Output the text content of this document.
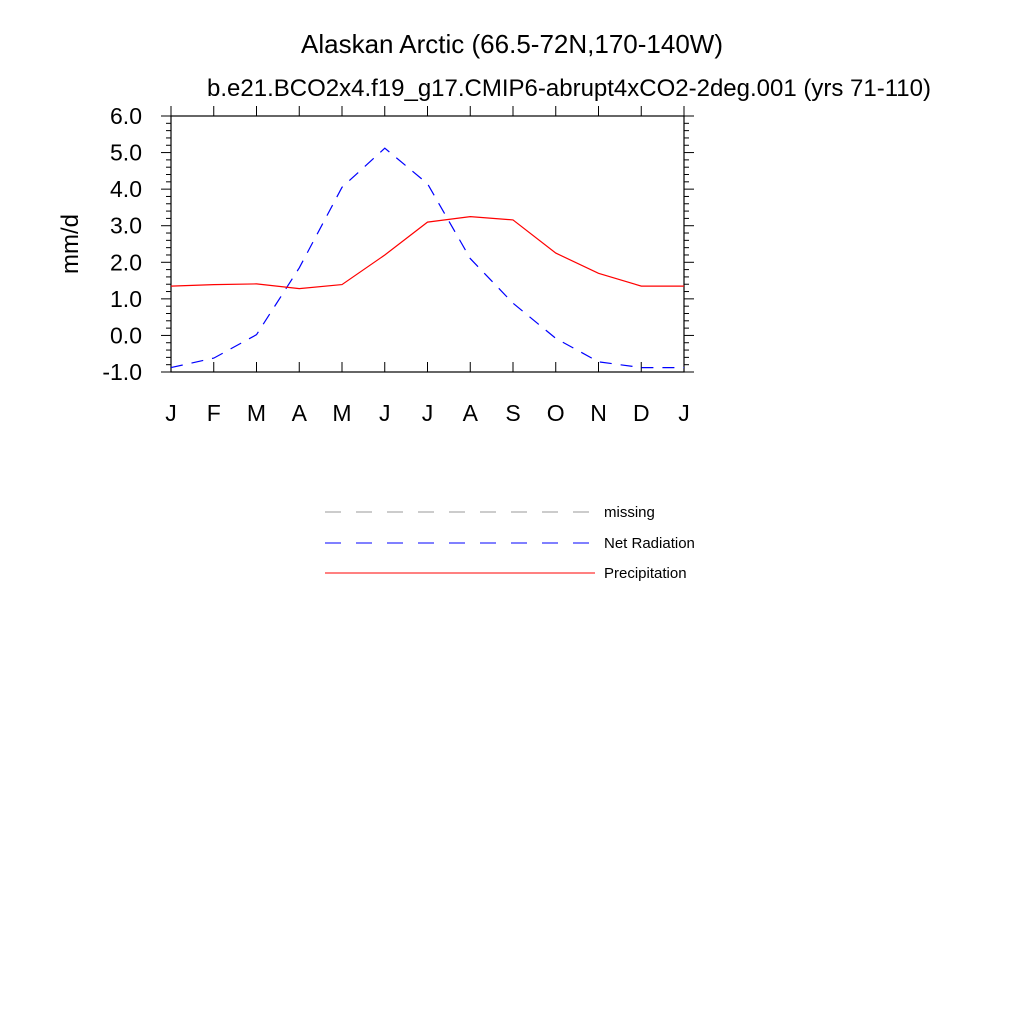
Alaskan Arctic (66.5-72N,170-140W)
b.e21.BCO2x4.f19_g17.CMIP6-abrupt4xCO2-2deg.001 (yrs 71-110)
mm/d
-1.0
0.0
1.0
2.0
3.0
4.0
5.0
6.0
J F M A M J J A S O N D J
missing
Net Radiation
Precipitation
